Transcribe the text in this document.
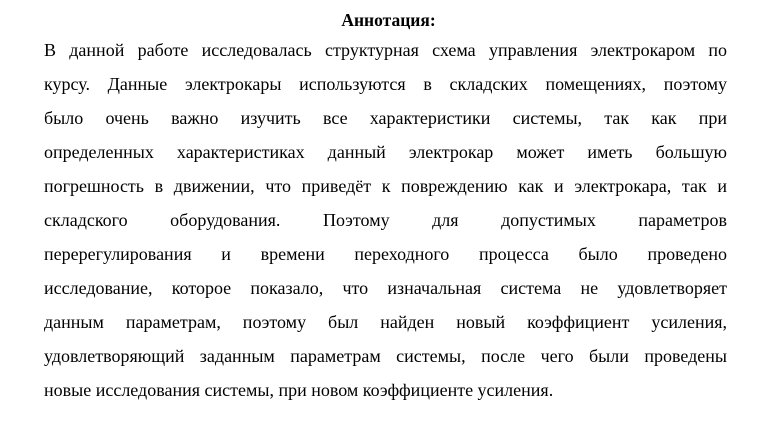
Аннотация:
В данной работе исследовалась структурная схема управления электрокаром по
курсу. Данные электрокары используются в складских помещениях, поэтому
было очень важно изучить все характеристики системы, так как при
определенных характеристиках данный электрокар может иметь большую
погрешность в движении, что приведёт к повреждению как и электрокара, так и
складского оборудования. Поэтому для допустимых параметров
перерегулирования и времени переходного процесса было проведено
исследование, которое показало, что изначальная система не удовлетворяет
данным параметрам, поэтому был найден новый коэффициент усиления,
удовлетворяющий заданным параметрам системы, после чего были проведены
новые исследования системы, при новом коэффициенте усиления.
